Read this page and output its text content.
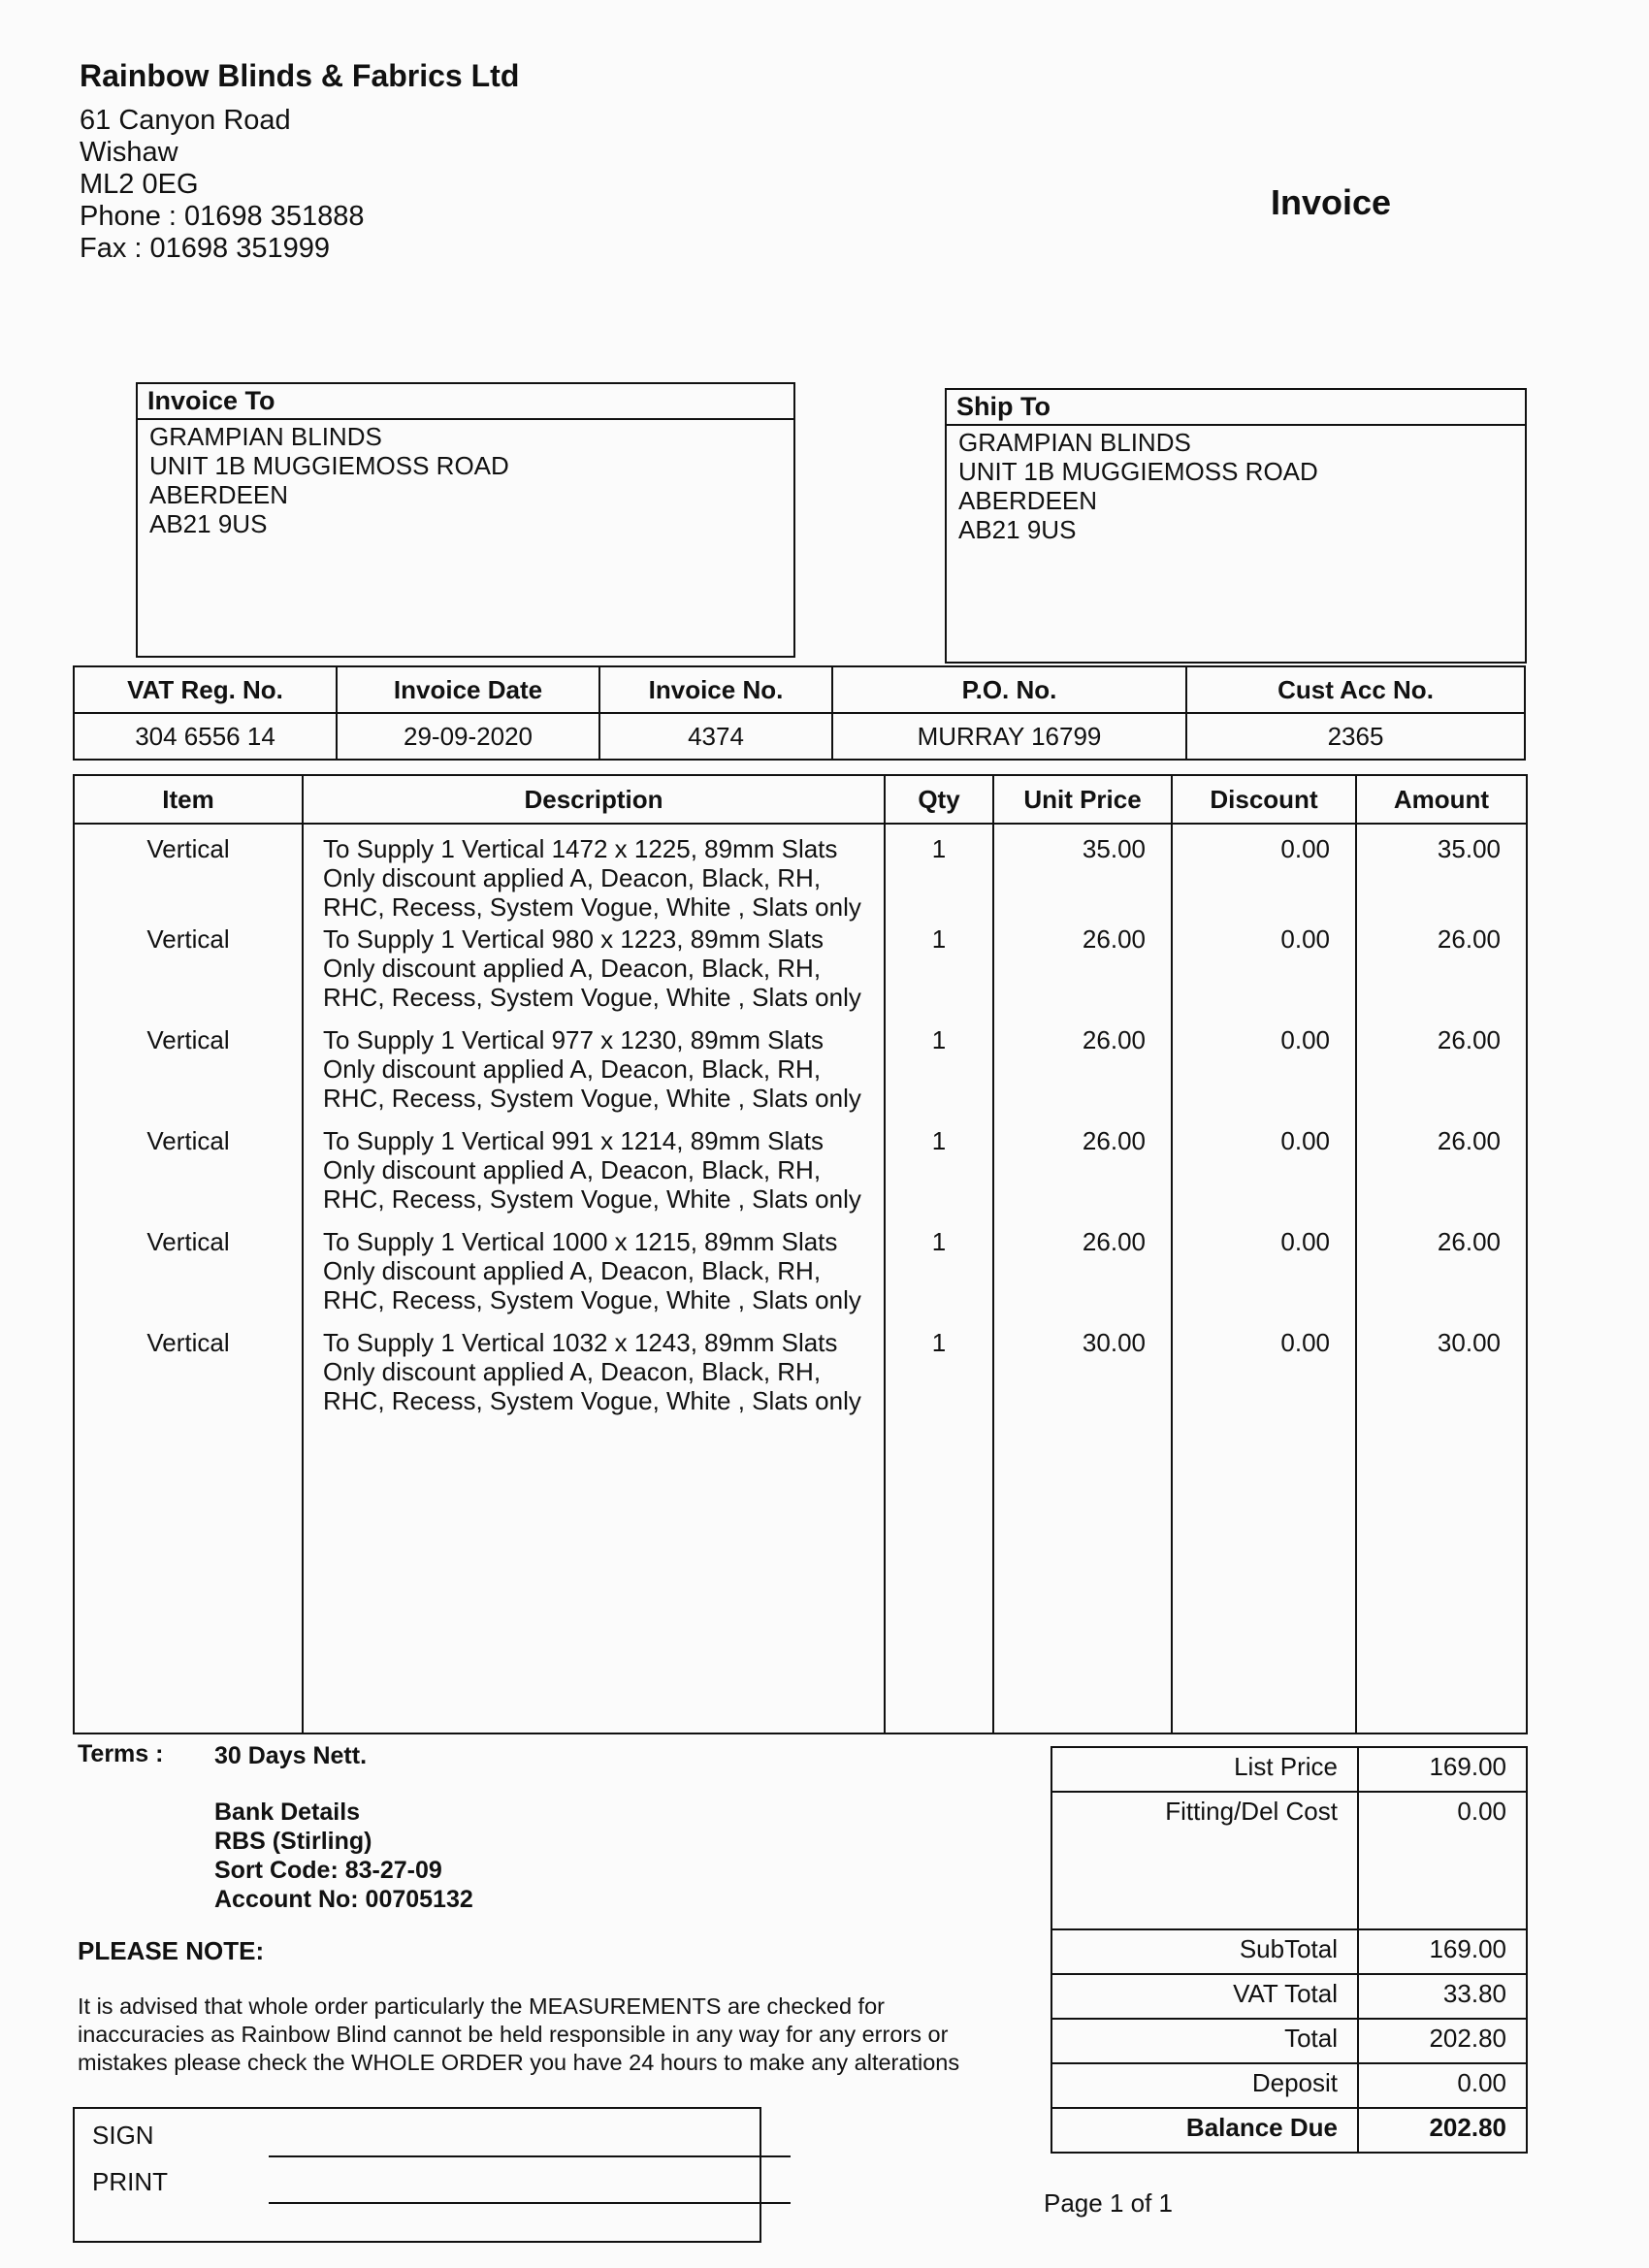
Rainbow Blinds & Fabrics Ltd
61 Canyon Road
Wishaw
ML2 0EG
Phone : 01698 351888
Fax : 01698 351999
Invoice
Invoice To
GRAMPIAN BLINDS
UNIT 1B MUGGIEMOSS ROAD
ABERDEEN
AB21 9US
Ship To
GRAMPIAN BLINDS
UNIT 1B MUGGIEMOSS ROAD
ABERDEEN
AB21 9US
VAT Reg. No.	Invoice Date	Invoice No.	P.O. No.	Cust Acc No.
304 6556 14	29-09-2020	4374	MURRAY 16799	2365
Item	Description	Qty	Unit Price	Discount	Amount
Vertical	To Supply 1 Vertical 1472 x 1225, 89mm Slats
Only discount applied A, Deacon, Black, RH,
RHC, Recess, System Vogue, White , Slats only	1	35.00	0.00	35.00
Vertical	To Supply 1 Vertical 980 x 1223, 89mm Slats
Only discount applied A, Deacon, Black, RH,
RHC, Recess, System Vogue, White , Slats only	1	26.00	0.00	26.00
Vertical	To Supply 1 Vertical 977 x 1230, 89mm Slats
Only discount applied A, Deacon, Black, RH,
RHC, Recess, System Vogue, White , Slats only	1	26.00	0.00	26.00
Vertical	To Supply 1 Vertical 991 x 1214, 89mm Slats
Only discount applied A, Deacon, Black, RH,
RHC, Recess, System Vogue, White , Slats only	1	26.00	0.00	26.00
Vertical	To Supply 1 Vertical 1000 x 1215, 89mm Slats
Only discount applied A, Deacon, Black, RH,
RHC, Recess, System Vogue, White , Slats only	1	26.00	0.00	26.00
Vertical	To Supply 1 Vertical 1032 x 1243, 89mm Slats
Only discount applied A, Deacon, Black, RH,
RHC, Recess, System Vogue, White , Slats only	1	30.00	0.00	30.00

Terms : 30 Days Nett.
Bank Details
RBS (Stirling)
Sort Code: 83-27-09
Account No: 00705132
PLEASE NOTE:
It is advised that whole order particularly the MEASUREMENTS are checked for
inaccuracies as Rainbow Blind cannot be held responsible in any way for any errors or
mistakes please check the WHOLE ORDER you have 24 hours to make any alterations
SIGN
PRINT
List Price	169.00
Fitting/Del Cost	0.00
SubTotal	169.00
VAT Total	33.80
Total	202.80
Deposit	0.00
Balance Due	202.80
Page 1 of 1
